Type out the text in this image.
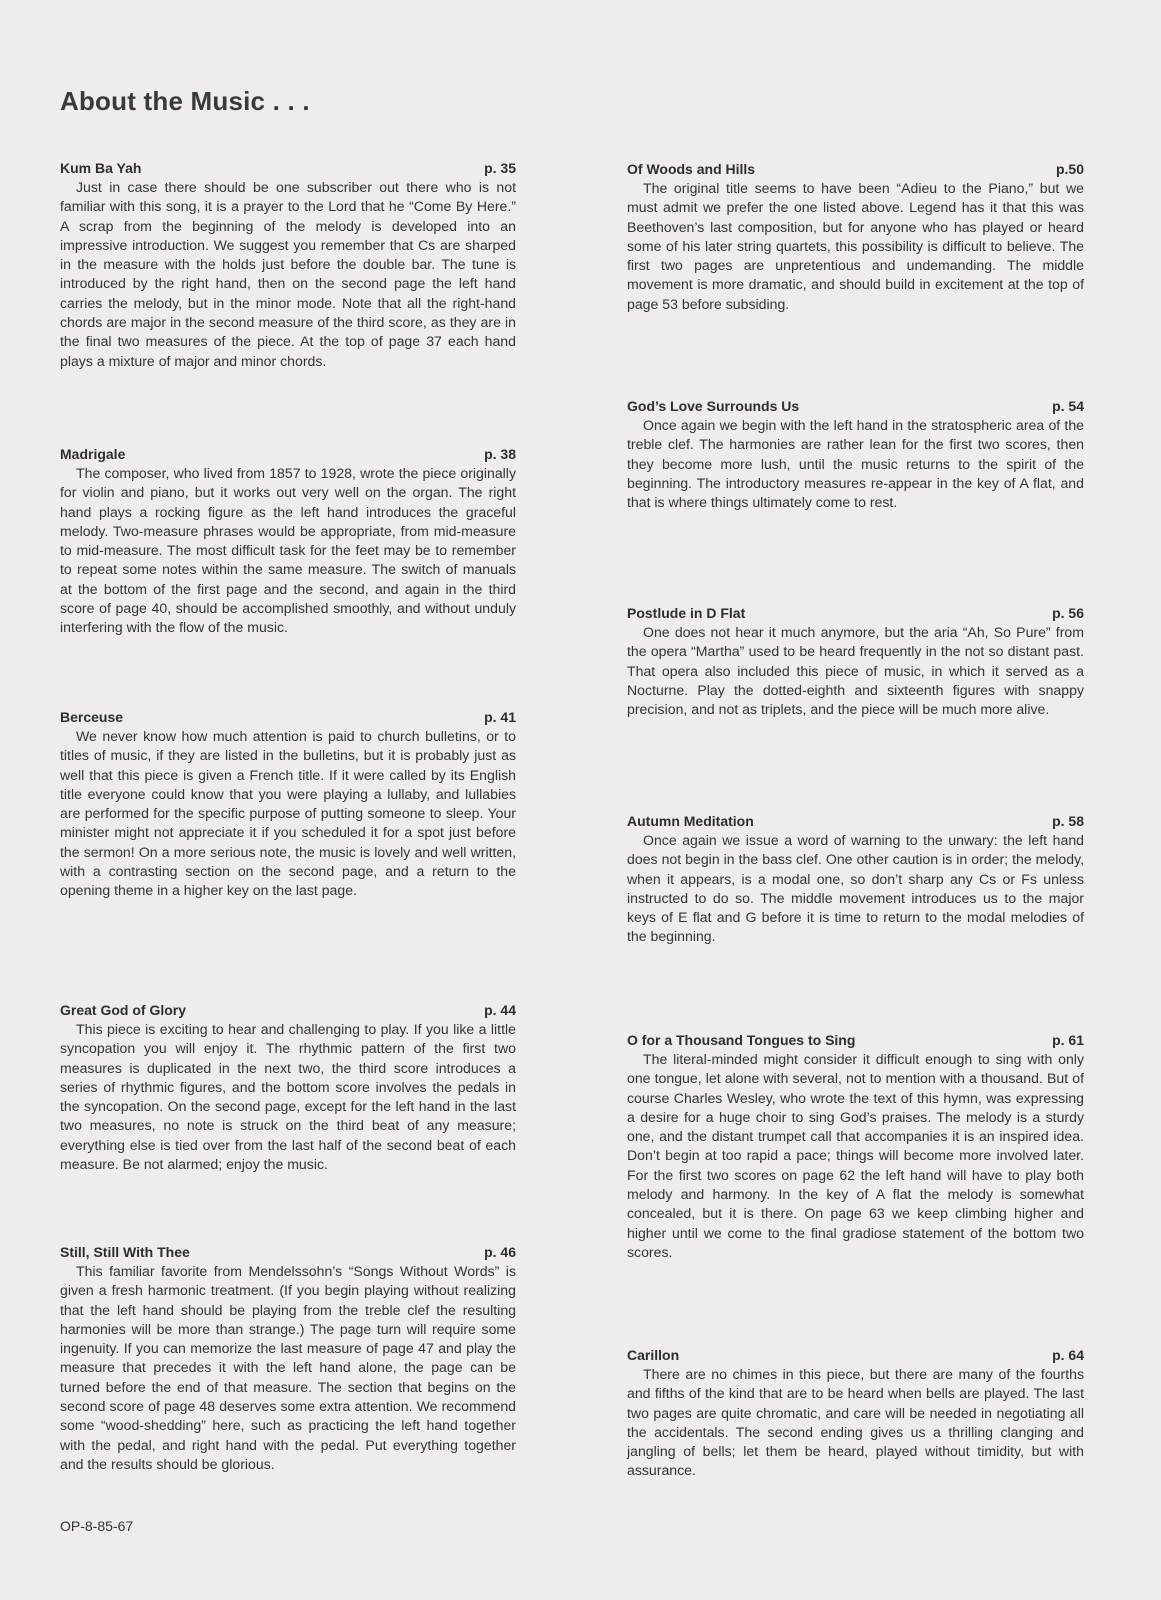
About the Music . . .
Kum Ba Yah	p. 35

Just in case there should be one subscriber out there who is not familiar with this song, it is a prayer to the Lord that he “Come By Here.” A scrap from the beginning of the melody is developed into an impressive introduction. We suggest you remember that Cs are sharped in the measure with the holds just before the double bar. The tune is introduced by the right hand, then on the second page the left hand carries the melody, but in the minor mode. Note that all the right-hand chords are major in the second measure of the third score, as they are in the final two measures of the piece. At the top of page 37 each hand plays a mixture of major and minor chords.

Madrigale	p. 38

The composer, who lived from 1857 to 1928, wrote the piece originally for violin and piano, but it works out very well on the organ. The right hand plays a rocking figure as the left hand introduces the graceful melody. Two-measure phrases would be appropriate, from mid-measure to mid-measure. The most difficult task for the feet may be to remember to repeat some notes within the same measure. The switch of manuals at the bottom of the first page and the second, and again in the third score of page 40, should be accomplished smoothly, and without unduly interfering with the flow of the music.

Berceuse	p. 41

We never know how much attention is paid to church bulletins, or to titles of music, if they are listed in the bulletins, but it is probably just as well that this piece is given a French title. If it were called by its English title everyone could know that you were playing a lullaby, and lullabies are performed for the specific purpose of putting someone to sleep. Your minister might not appreciate it if you scheduled it for a spot just before the sermon! On a more serious note, the music is lovely and well written, with a contrasting section on the second page, and a return to the opening theme in a higher key on the last page.

Great God of Glory	p. 44

This piece is exciting to hear and challenging to play. If you like a little syncopation you will enjoy it. The rhythmic pattern of the first two measures is duplicated in the next two, the third score introduces a series of rhythmic figures, and the bottom score involves the pedals in the syncopation. On the second page, except for the left hand in the last two measures, no note is struck on the third beat of any measure; everything else is tied over from the last half of the second beat of each measure. Be not alarmed; enjoy the music.

Still, Still With Thee	p. 46

This familiar favorite from Mendelssohn’s “Songs Without Words” is given a fresh harmonic treatment. (If you begin playing without realizing that the left hand should be playing from the treble clef the resulting harmonies will be more than strange.) The page turn will require some ingenuity. If you can memorize the last measure of page 47 and play the measure that precedes it with the left hand alone, the page can be turned before the end of that measure. The section that begins on the second score of page 48 deserves some extra attention. We recommend some “wood-shedding” here, such as practicing the left hand together with the pedal, and right hand with the pedal. Put everything together and the results should be glorious.

Of Woods and Hills	p.50

The original title seems to have been “Adieu to the Piano,” but we must admit we prefer the one listed above. Legend has it that this was Beethoven’s last composition, but for anyone who has played or heard some of his later string quartets, this possibility is difficult to believe. The first two pages are unpretentious and undemanding. The middle movement is more dramatic, and should build in excitement at the top of page 53 before subsiding.

God’s Love Surrounds Us	p. 54

Once again we begin with the left hand in the stratospheric area of the treble clef. The harmonies are rather lean for the first two scores, then they become more lush, until the music returns to the spirit of the beginning. The introductory measures re-appear in the key of A flat, and that is where things ultimately come to rest.

Postlude in D Flat	p. 56

One does not hear it much anymore, but the aria “Ah, So Pure” from the opera “Martha” used to be heard frequently in the not so distant past. That opera also included this piece of music, in which it served as a Nocturne. Play the dotted-eighth and sixteenth figures with snappy precision, and not as triplets, and the piece will be much more alive.

Autumn Meditation	p. 58

Once again we issue a word of warning to the unwary: the left hand does not begin in the bass clef. One other caution is in order; the melody, when it appears, is a modal one, so don’t sharp any Cs or Fs unless instructed to do so. The middle movement introduces us to the major keys of E flat and G before it is time to return to the modal melodies of the beginning.

O for a Thousand Tongues to Sing	p. 61

The literal-minded might consider it difficult enough to sing with only one tongue, let alone with several, not to mention with a thousand. But of course Charles Wesley, who wrote the text of this hymn, was expressing a desire for a huge choir to sing God’s praises. The melody is a sturdy one, and the distant trumpet call that accompanies it is an inspired idea. Don’t begin at too rapid a pace; things will become more involved later. For the first two scores on page 62 the left hand will have to play both melody and harmony. In the key of A flat the melody is somewhat concealed, but it is there. On page 63 we keep climbing higher and higher until we come to the final gradiose statement of the bottom two scores.

Carillon	p. 64

There are no chimes in this piece, but there are many of the fourths and fifths of the kind that are to be heard when bells are played. The last two pages are quite chromatic, and care will be needed in negotiating all the accidentals. The second ending gives us a thrilling clanging and jangling of bells; let them be heard, played without timidity, but with assurance.

OP-8-85-67
